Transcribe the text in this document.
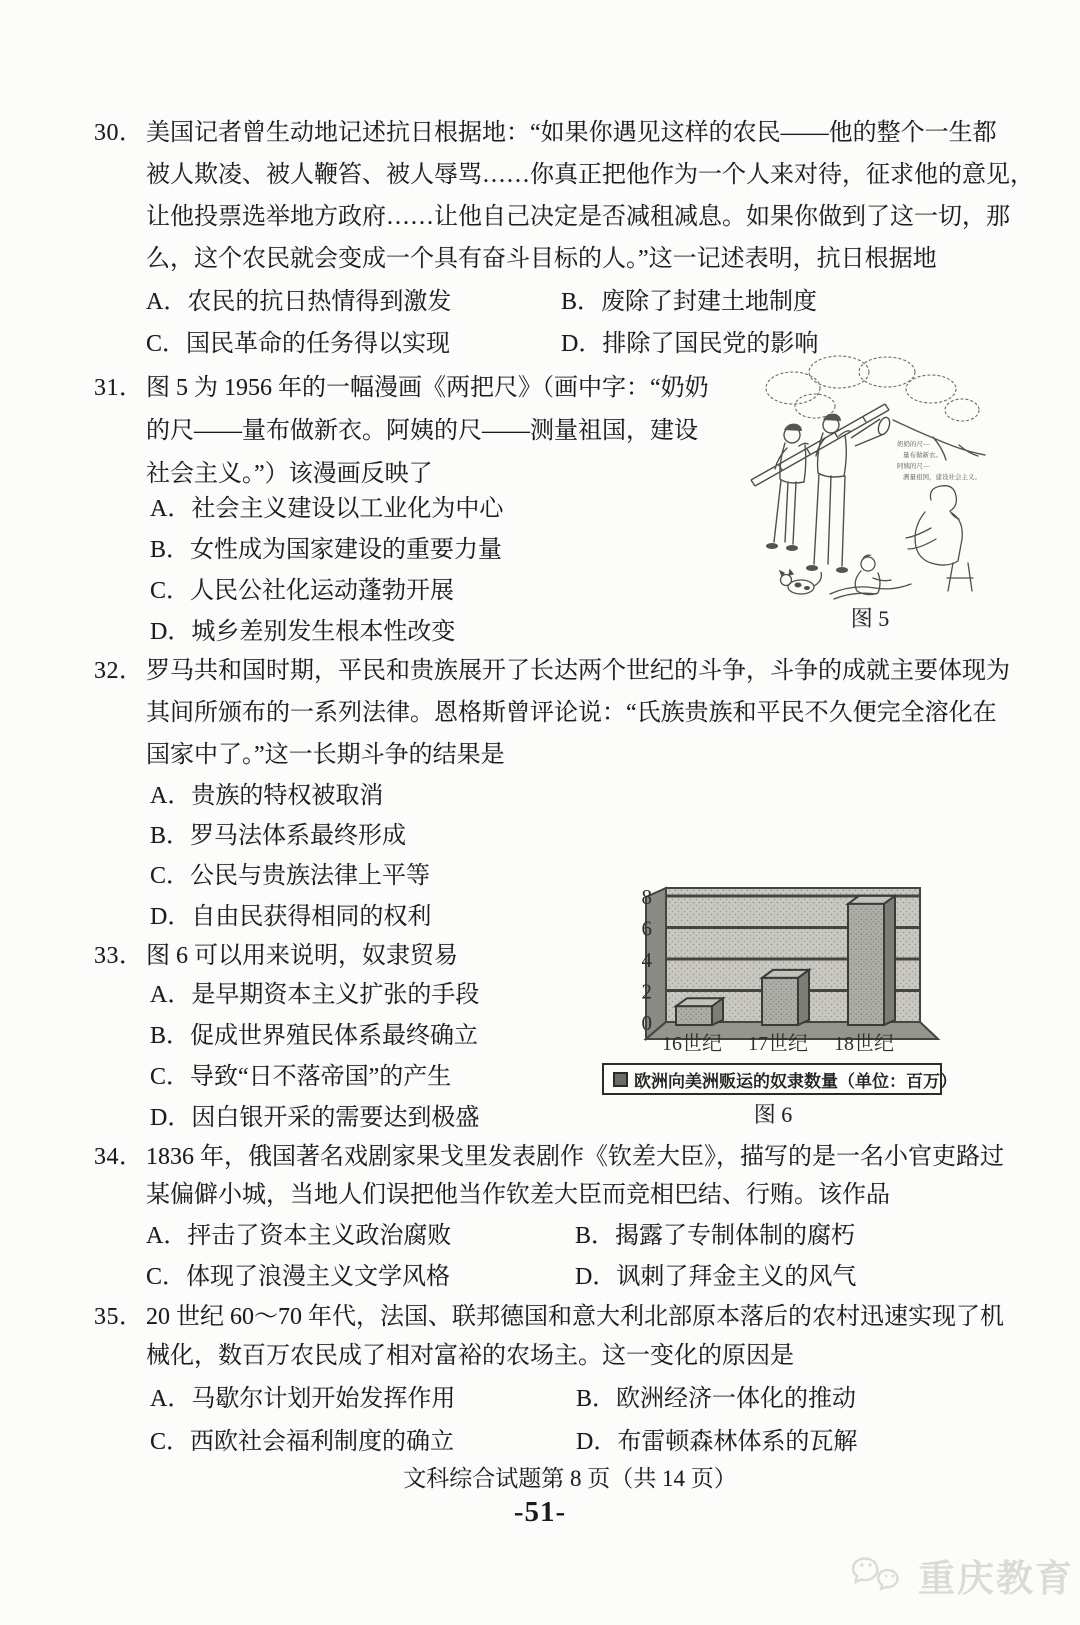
30． 美国记者曾生动地记述抗日根据地：“如果你遇见这样的农民——他的整个一生都
被人欺凌、被人鞭笞、被人辱骂……你真正把他作为一个人来对待，征求他的意见，
让他投票选举地方政府……让他自己决定是否减租减息。如果你做到了这一切，那
么，这个农民就会变成一个具有奋斗目标的人。”这一记述表明，抗日根据地
A．农民的抗日热情得到激发	B．废除了封建土地制度
C．国民革命的任务得以实现	D．排除了国民党的影响
31． 图 5 为 1956 年的一幅漫画《两把尺》（画中字：“奶奶
的尺——量布做新衣。阿姨的尺——测量祖国，建设
社会主义。”）该漫画反映了
A．社会主义建设以工业化为中心
B．女性成为国家建设的重要力量
C．人民公社化运动蓬勃开展
D．城乡差别发生根本性改变
奶奶的尺—
量布做新衣。
阿姨的尺—
测量祖国，建设社会主义。
图 5
32． 罗马共和国时期，平民和贵族展开了长达两个世纪的斗争，斗争的成就主要体现为
其间所颁布的一系列法律。恩格斯曾评论说：“氏族贵族和平民不久便完全溶化在
国家中了。”这一长期斗争的结果是
A．贵族的特权被取消
B．罗马法体系最终形成
C．公民与贵族法律上平等
D．自由民获得相同的权利
33． 图 6 可以用来说明，奴隶贸易
A．是早期资本主义扩张的手段
B．促成世界殖民体系最终确立
C．导致“日不落帝国”的产生
D．因白银开采的需要达到极盛
0
2
4
6
8
16世纪 17世纪 18世纪
欧洲向美洲贩运的奴隶数量（单位：百万）
图 6
34． 1836 年，俄国著名戏剧家果戈里发表剧作《钦差大臣》，描写的是一名小官吏路过
某偏僻小城，当地人们误把他当作钦差大臣而竞相巴结、行贿。该作品
A．抨击了资本主义政治腐败	B．揭露了专制体制的腐朽
C．体现了浪漫主义文学风格	D．讽刺了拜金主义的风气
35． 20 世纪 60～70 年代，法国、联邦德国和意大利北部原本落后的农村迅速实现了机
械化，数百万农民成了相对富裕的农场主。这一变化的原因是
A．马歇尔计划开始发挥作用	B．欧洲经济一体化的推动
C．西欧社会福利制度的确立	D．布雷顿森林体系的瓦解
文科综合试题第 8 页（共 14 页）
-51-
重庆教育
